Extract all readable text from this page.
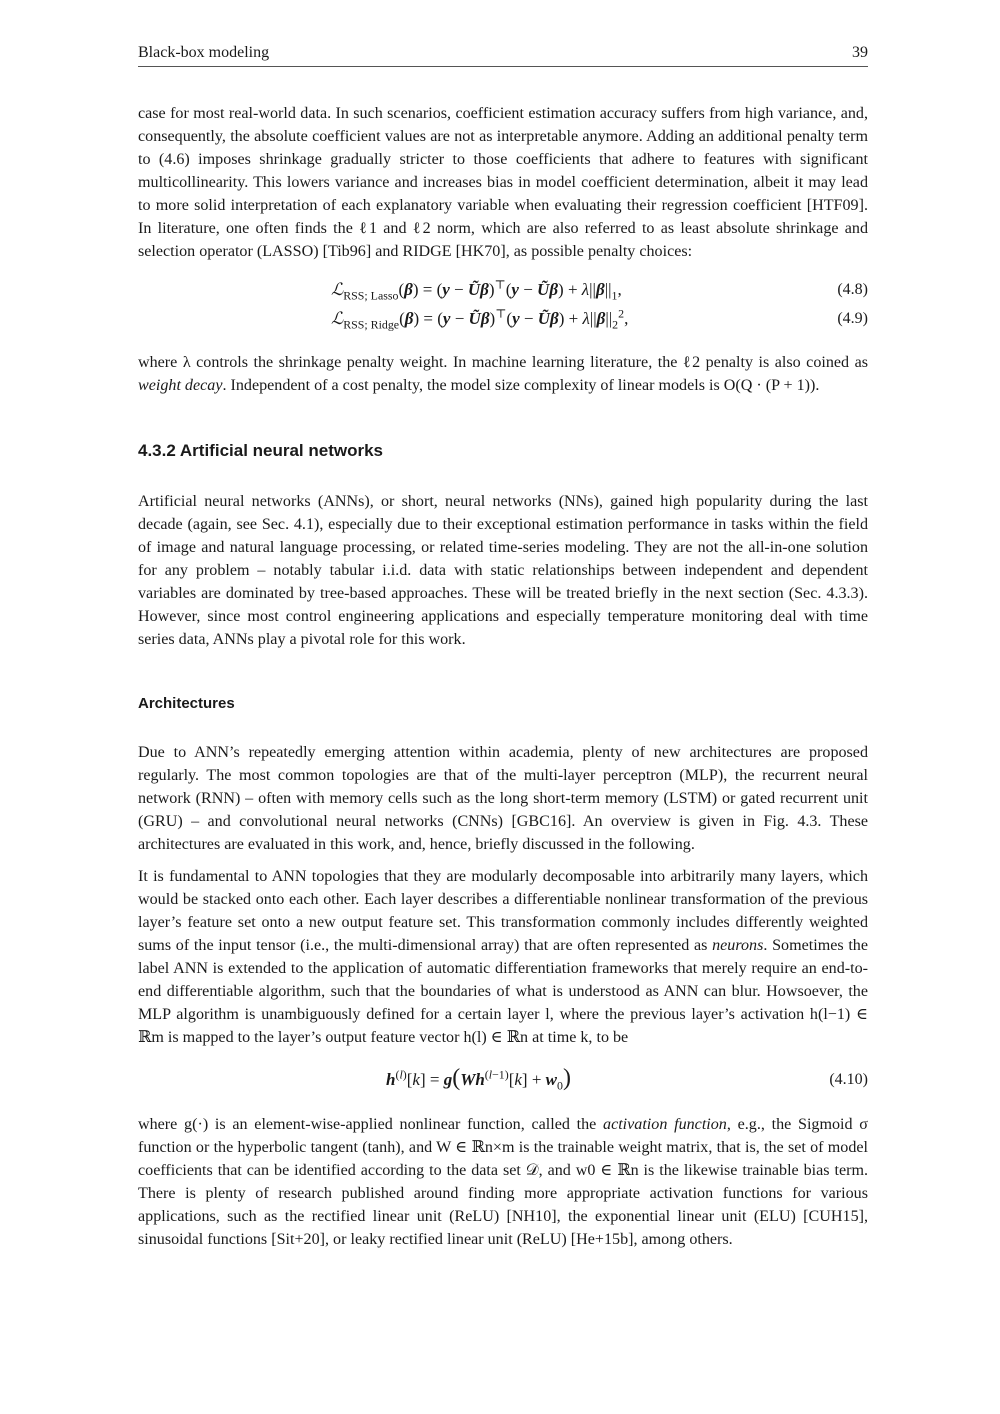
Black-box modeling	39

case for most real-world data. In such scenarios, coefficient estimation accuracy suffers from high variance, and, consequently, the absolute coefficient values are not as interpretable anymore. Adding an additional penalty term to (4.6) imposes shrinkage gradually stricter to those coefficients that adhere to features with significant multicollinearity. This lowers variance and increases bias in model coefficient determination, albeit it may lead to more solid interpretation of each explanatory variable when evaluating their regression coefficient [HTF09]. In literature, one often finds the ℓ1 and ℓ2 norm, which are also referred to as least absolute shrinkage and selection operator (LASSO) [Tib96] and RIDGE [HK70], as possible penalty choices:

ℒ$_{RSS; Lasso}$(β) = (y − Ũβ)⊤(y − Ũβ) + $\lambda||\beta||_1$,	(4.8)
ℒ$_{RSS; Ridge}$(β) = (y − Ũβ)⊤(y − Ũβ) + $\lambda||\beta||_2^2$,	(4.9)

where λ controls the shrinkage penalty weight. In machine learning literature, the ℓ2 penalty is also coined as weight decay. Independent of a cost penalty, the model size complexity of linear models is O(Q · (P + 1)).

4.3.2 Artificial neural networks

Artificial neural networks (ANNs), or short, neural networks (NNs), gained high popularity during the last decade (again, see Sec. 4.1), especially due to their exceptional estimation performance in tasks within the field of image and natural language processing, or related time-series modeling. They are not the all-in-one solution for any problem – notably tabular i.i.d. data with static relationships between independent and dependent variables are dominated by tree-based approaches. These will be treated briefly in the next section (Sec. 4.3.3). However, since most control engineering applications and especially temperature monitoring deal with time series data, ANNs play a pivotal role for this work.

Architectures

Due to ANN’s repeatedly emerging attention within academia, plenty of new architectures are proposed regularly. The most common topologies are that of the multi-layer perceptron (MLP), the recurrent neural network (RNN) – often with memory cells such as the long short-term memory (LSTM) or gated recurrent unit (GRU) – and convolutional neural networks (CNNs) [GBC16]. An overview is given in Fig. 4.3. These architectures are evaluated in this work, and, hence, briefly discussed in the following.

It is fundamental to ANN topologies that they are modularly decomposable into arbitrarily many layers, which would be stacked onto each other. Each layer describes a differentiable nonlinear transformation of the previous layer’s feature set onto a new output feature set. This transformation commonly includes differently weighted sums of the input tensor (i.e., the multi-dimensional array) that are often represented as neurons. Sometimes the label ANN is extended to the application of automatic differentiation frameworks that merely require an end-to-end differentiable algorithm, such that the boundaries of what is understood as ANN can blur. Howsoever, the MLP algorithm is unambiguously defined for a certain layer l, where the previous layer’s activation h(l−1) ∈ ℝm is mapped to the layer’s output feature vector h(l) ∈ ℝn at time k, to be

$h^{(l)}[k] = g(Wh^{(l-1)}[k] + w_0)$	(4.10)

where g(·) is an element-wise-applied nonlinear function, called the activation function, e.g., the Sigmoid σ function or the hyperbolic tangent (tanh), and W ∈ ℝn×m is the trainable weight matrix, that is, the set of model coefficients that can be identified according to the data set 𝒟, and w0 ∈ ℝn is the likewise trainable bias term. There is plenty of research published around finding more appropriate activation functions for various applications, such as the rectified linear unit (ReLU) [NH10], the exponential linear unit (ELU) [CUH15], sinusoidal functions [Sit+20], or leaky rectified linear unit (ReLU) [He+15b], among others.
